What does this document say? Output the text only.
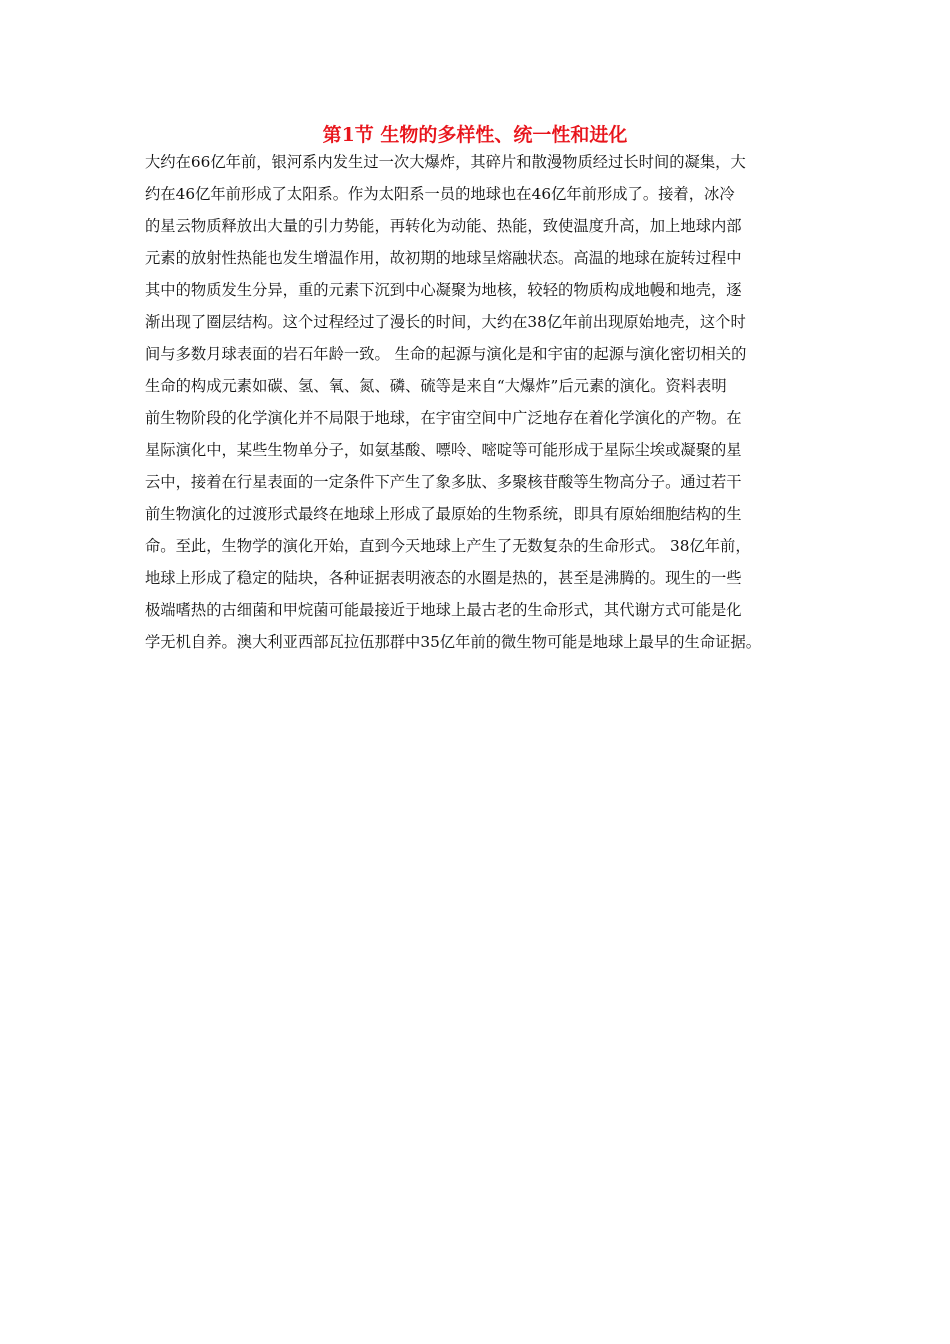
第1节 生物的多样性、统一性和进化
大约在66亿年前，银河系内发生过一次大爆炸，其碎片和散漫物质经过长时间的凝集，大
约在46亿年前形成了太阳系。作为太阳系一员的地球也在46亿年前形成了。接着，冰冷
的星云物质释放出大量的引力势能，再转化为动能、热能，致使温度升高，加上地球内部
元素的放射性热能也发生增温作用，故初期的地球呈熔融状态。高温的地球在旋转过程中
其中的物质发生分异，重的元素下沉到中心凝聚为地核，较轻的物质构成地幔和地壳，逐
渐出现了圈层结构。这个过程经过了漫长的时间，大约在38亿年前出现原始地壳，这个时
间与多数月球表面的岩石年龄一致。 生命的起源与演化是和宇宙的起源与演化密切相关的
生命的构成元素如碳、氢、氧、氮、磷、硫等是来自“大爆炸”后元素的演化。资料表明
前生物阶段的化学演化并不局限于地球，在宇宙空间中广泛地存在着化学演化的产物。在
星际演化中，某些生物单分子，如氨基酸、嘌呤、嘧啶等可能形成于星际尘埃或凝聚的星
云中，接着在行星表面的一定条件下产生了象多肽、多聚核苷酸等生物高分子。通过若干
前生物演化的过渡形式最终在地球上形成了最原始的生物系统，即具有原始细胞结构的生
命。至此，生物学的演化开始，直到今天地球上产生了无数复杂的生命形式。 38亿年前，
地球上形成了稳定的陆块，各种证据表明液态的水圈是热的，甚至是沸腾的。现生的一些
极端嗜热的古细菌和甲烷菌可能最接近于地球上最古老的生命形式，其代谢方式可能是化
学无机自养。澳大利亚西部瓦拉伍那群中35亿年前的微生物可能是地球上最早的生命证据。
